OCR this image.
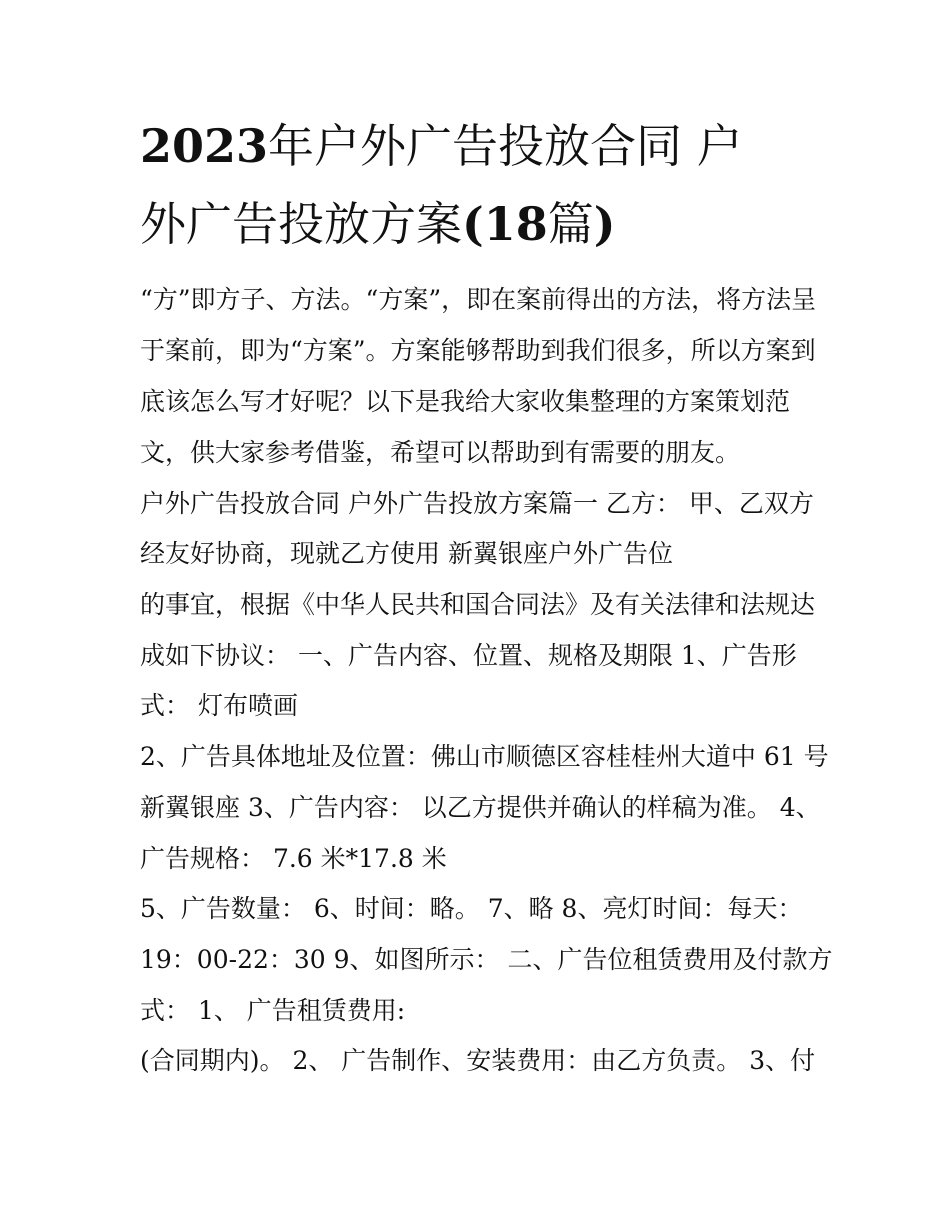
2023年户外广告投放合同 户
外广告投放方案(18篇)

“方”即方子、方法。“方案”，即在案前得出的方法，将方法呈

于案前，即为“方案”。方案能够帮助到我们很多，所以方案到

底该怎么写才好呢？以下是我给大家收集整理的方案策划范

文，供大家参考借鉴，希望可以帮助到有需要的朋友。

户外广告投放合同 户外广告投放方案篇一 乙方： 甲、乙双方

经友好协商，现就乙方使用 新翼银座户外广告位

的事宜，根据《中华人民共和国合同法》及有关法律和法规达

成如下协议： 一、广告内容、位置、规格及期限 1、广告形

式： 灯布喷画

2、广告具体地址及位置：佛山市顺德区容桂桂州大道中 61 号

新翼银座 3、广告内容： 以乙方提供并确认的样稿为准。 4、

广告规格： 7.6 米*17.8 米

5、广告数量： 6、时间：略。 7、略 8、亮灯时间：每天：

19：00-22：30 9、如图所示： 二、广告位租赁费用及付款方

式： 1、 广告租赁费用:

(合同期内)。 2、 广告制作、安装费用：由乙方负责。 3、付
